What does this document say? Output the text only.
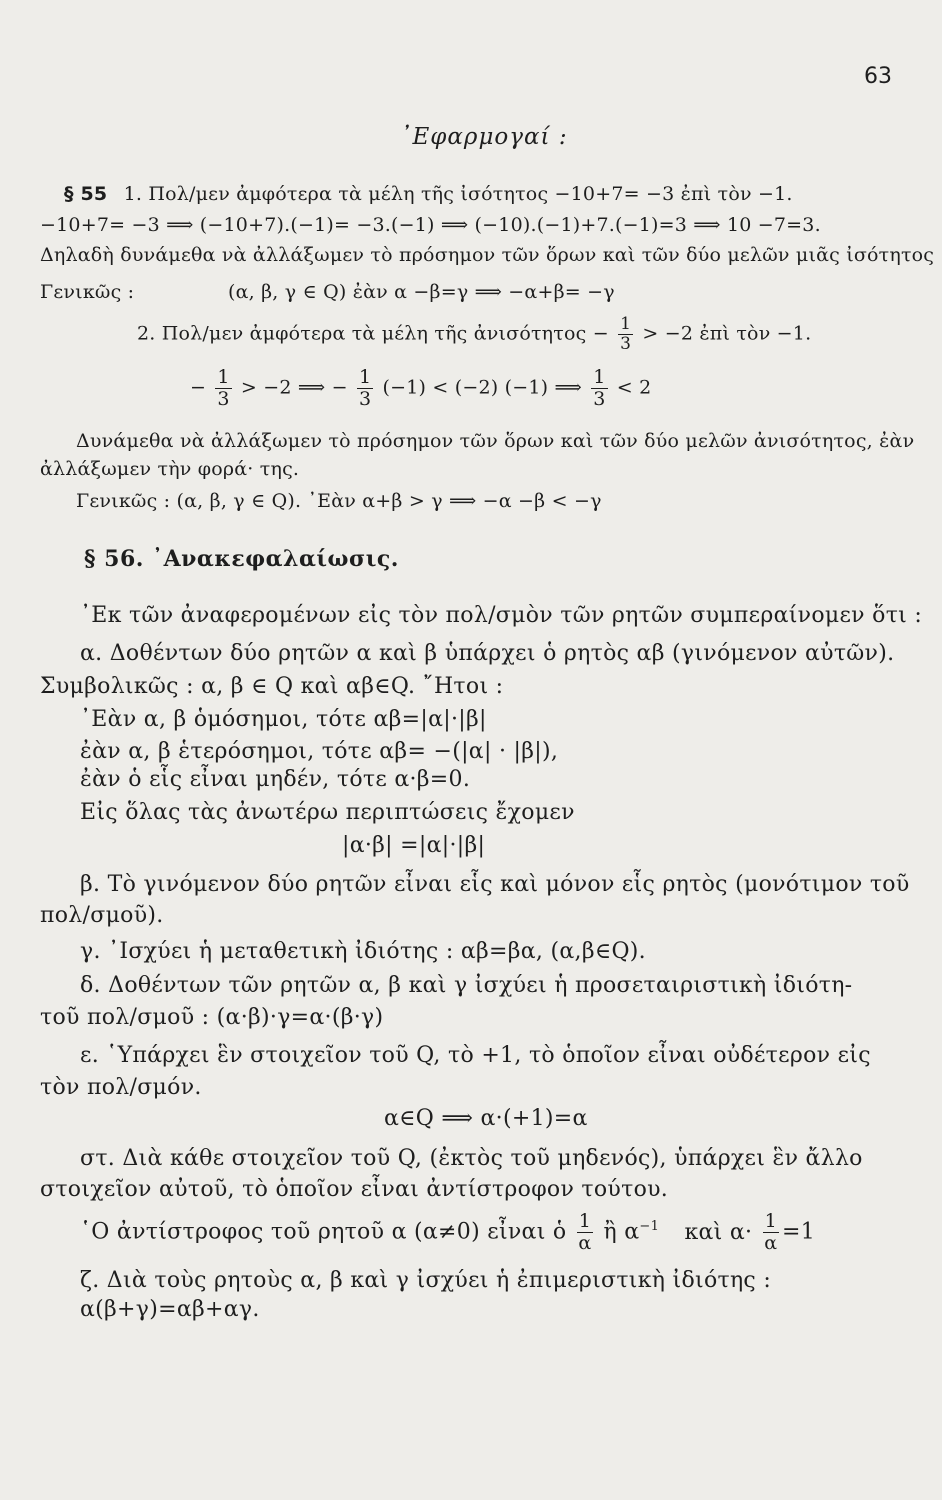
63
᾿Εφαρμογαί :
§ 55 1. Πολ/μεν ἀμφότερα τὰ μέλη τῆς ἰσότητος −10+7= −3 ἐπὶ τὸν −1.
−10+7= −3 ⟹ (−10+7).(−1)= −3.(−1) ⟹ (−10).(−1)+7.(−1)=3 ⟹ 10 −7=3.
Δηλαδὴ δυνάμεθα νὰ ἀλλάξωμεν τὸ πρόσημον τῶν ὅρων καὶ τῶν δύο μελῶν μιᾶς ἰσότητος
Γενικῶς :	(α, β, γ ∈ Q) ἐὰν α −β=γ ⟹ −α+β= −γ
2. Πολ/μεν ἀμφότερα τὰ μέλη τῆς ἀνισότητος − $\frac{1}{3} > -2$ ἐπὶ τὸν −1.
− $\frac{1}{3} > -2$ ⟹ − $\frac{1}{3} (-1) < (-2)$ (−1) ⟹ $\frac{1}{3} < 2$
Δυνάμεθα νὰ ἀλλάξωμεν τὸ πρόσημον τῶν ὅρων καὶ τῶν δύο μελῶν ἀνισότητος, ἐὰν
ἀλλάξωμεν τὴν φορά· της.
Γενικῶς : (α, β, γ ∈ Q). ᾿Εὰν α+β > γ ⟹ −α −β < −γ
§ 56. ᾿Ανακεφαλαίωσις.
᾿Εκ τῶν ἀναφερομένων εἰς τὸν πολ/σμὸν τῶν ρητῶν συμπεραίνομεν ὅτι :
α. Δοθέντων δύο ρητῶν α καὶ β ὑπάρχει ὁ ρητὸς αβ (γινόμενον αὐτῶν).
Συμβολικῶς : α, β ∈ Q καὶ αβ∈Q. ῎Ητοι :
᾿Εὰν α, β ὁμόσημοι, τότε αβ=|α|·|β|
ἐὰν α, β ἑτερόσημοι, τότε αβ= −(|α| · |β|),
ἐὰν ὁ εἷς εἶναι μηδέν, τότε α·β=0.
Εἰς ὅλας τὰς ἀνωτέρω περιπτώσεις ἔχομεν
|α·β| =|α|·|β|
β. Τὸ γινόμενον δύο ρητῶν εἶναι εἷς καὶ μόνον εἷς ρητὸς (μονότιμον τοῦ
πολ/σμοῦ).
γ. ᾿Ισχύει ἡ μεταθετικὴ ἰδιότης : αβ=βα, (α,β∈Q).
δ. Δοθέντων τῶν ρητῶν α, β καὶ γ ἰσχύει ἡ προσεταιριστικὴ ἰδιότη-
τοῦ πολ/σμοῦ : (α·β)·γ=α·(β·γ)
ε. ῾Υπάρχει ἓν στοιχεῖον τοῦ Q, τὸ +1, τὸ ὁποῖον εἶναι οὐδέτερον εἰς
τὸν πολ/σμόν.
α∈Q ⟹ α·(+1)=α
στ. Διὰ κάθε στοιχεῖον τοῦ Q, (ἐκτὸς τοῦ μηδενός), ὑπάρχει ἓν ἄλλο
στοιχεῖον αὐτοῦ, τὸ ὁποῖον εἶναι ἀντίστροφον τούτου.
῾Ο ἀντίστροφος τοῦ ρητοῦ α (α≠0) εἶναι ὁ $\frac{1}{\alpha}$ ἢ $\alpha^{-1}$ καὶ $\alpha\cdot \frac{1}{\alpha} =1$
ζ. Διὰ τοὺς ρητοὺς α, β καὶ γ ἰσχύει ἡ ἐπιμεριστικὴ ἰδιότης :
α(β+γ)=αβ+αγ.
